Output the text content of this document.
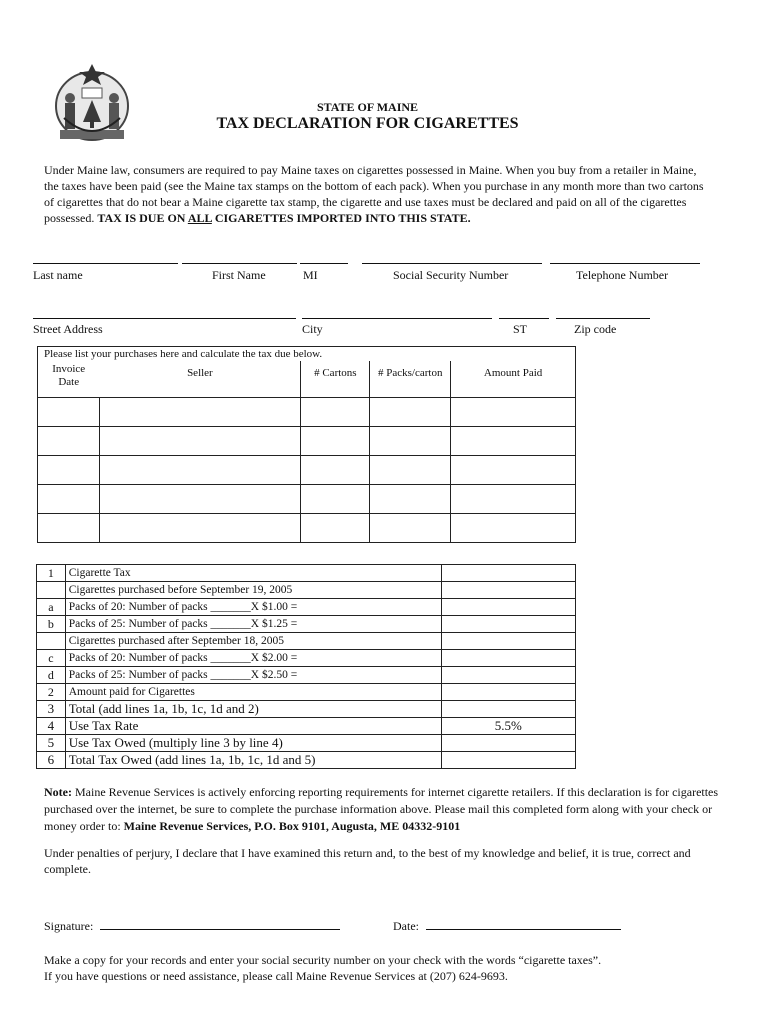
STATE OF MAINE
TAX DECLARATION FOR CIGARETTES
Under Maine law, consumers are required to pay Maine taxes on cigarettes possessed in Maine. When you buy from a retailer in Maine, the taxes have been paid (see the Maine tax stamps on the bottom of each pack). When you purchase in any month more than two cartons of cigarettes that do not bear a Maine cigarette tax stamp, the cigarette and use taxes must be declared and paid on all of the cigarettes possessed. TAX IS DUE ON ALL CIGARETTES IMPORTED INTO THIS STATE.
Last name	First Name	MI	Social Security Number	Telephone Number
Street Address	City	ST	Zip code
Please list your purchases here and calculate the tax due below.				
Invoice
Date	Seller	# Cartons	# Packs/carton	Amount Paid

1	Cigarette Tax	
	Cigarettes purchased before September 19, 2005	
a	Packs of 20: Number of packs _______X $1.00 =	
b	Packs of 25: Number of packs _______X $1.25 =	
	Cigarettes purchased after September 18, 2005	
c	Packs of 20: Number of packs _______X $2.00 =	
d	Packs of 25: Number of packs _______X $2.50 =	
2	Amount paid for Cigarettes	
3	Total (add lines 1a, 1b, 1c, 1d and 2)	
4	Use Tax Rate	5.5%
5	Use Tax Owed (multiply line 3 by line 4)	
6	Total Tax Owed (add lines 1a, 1b, 1c, 1d and 5)	
Note: Maine Revenue Services is actively enforcing reporting requirements for internet cigarette retailers. If this declaration is for cigarettes purchased over the internet, be sure to complete the purchase information above. Please mail this completed form along with your check or money order to: Maine Revenue Services, P.O. Box 9101, Augusta, ME 04332-9101
Under penalties of perjury, I declare that I have examined this return and, to the best of my knowledge and belief, it is true, correct and complete.
Signature:	Date:
Make a copy for your records and enter your social security number on your check with the words “cigarette taxes”.
If you have questions or need assistance, please call Maine Revenue Services at (207) 624-9693.
